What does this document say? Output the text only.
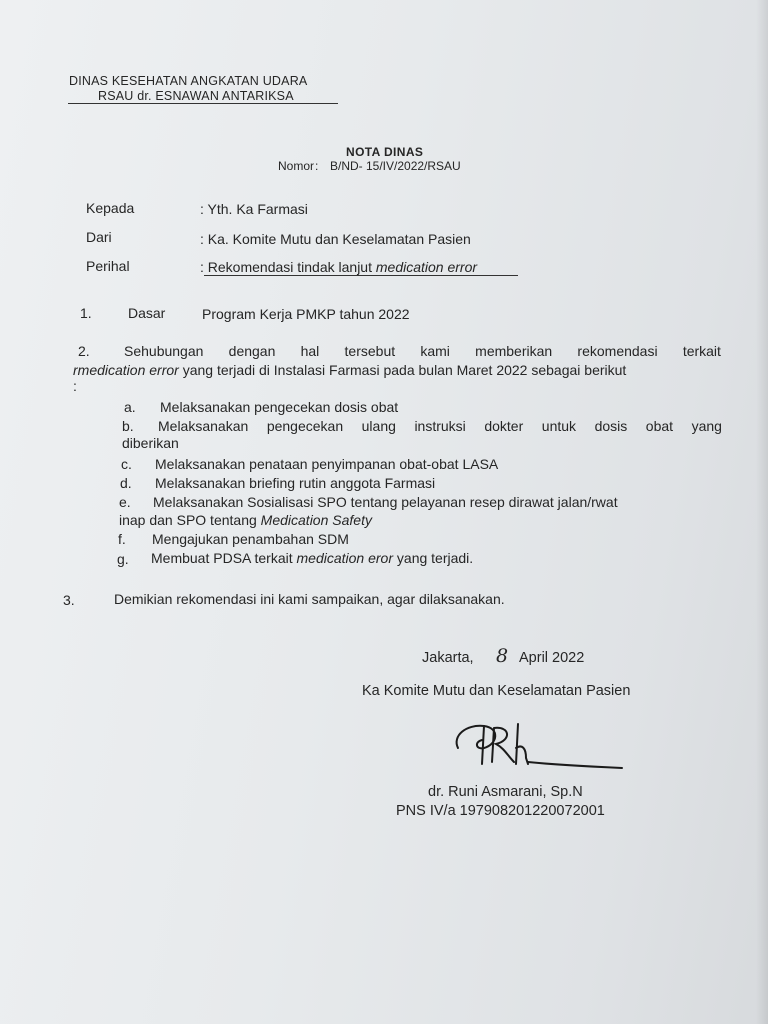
DINAS KESEHATAN ANGKATAN UDARA
RSAU dr. ESNAWAN ANTARIKSA
NOTA DINAS
Nomor : B/ND- 15/IV/2022/RSAU
Kepada	: Yth. Ka Farmasi
Dari	: Ka. Komite Mutu dan Keselamatan Pasien
Perihal	: Rekomendasi tindak lanjut medication error
1.	Dasar	Program Kerja PMKP tahun 2022
2. Sehubungan dengan hal tersebut kami memberikan rekomendasi terkait
rmedication error yang terjadi di Instalasi Farmasi pada bulan Maret 2022 sebagai berikut
:
a. Melaksanakan pengecekan dosis obat
b. Melaksanakan pengecekan ulang instruksi dokter untuk dosis obat yang
diberikan
c. Melaksanakan penataan penyimpanan obat-obat LASA
d. Melaksanakan briefing rutin anggota Farmasi
e. Melaksanakan Sosialisasi SPO tentang pelayanan resep dirawat jalan/rwat
inap dan SPO tentang Medication Safety
f. Mengajukan penambahan SDM
g. Membuat PDSA terkait medication eror yang terjadi.
3.	Demikian rekomendasi ini kami sampaikan, agar dilaksanakan.
Jakarta, 8 April 2022
Ka Komite Mutu dan Keselamatan Pasien
dr. Runi Asmarani, Sp.N
PNS IV/a 197908201220072001
